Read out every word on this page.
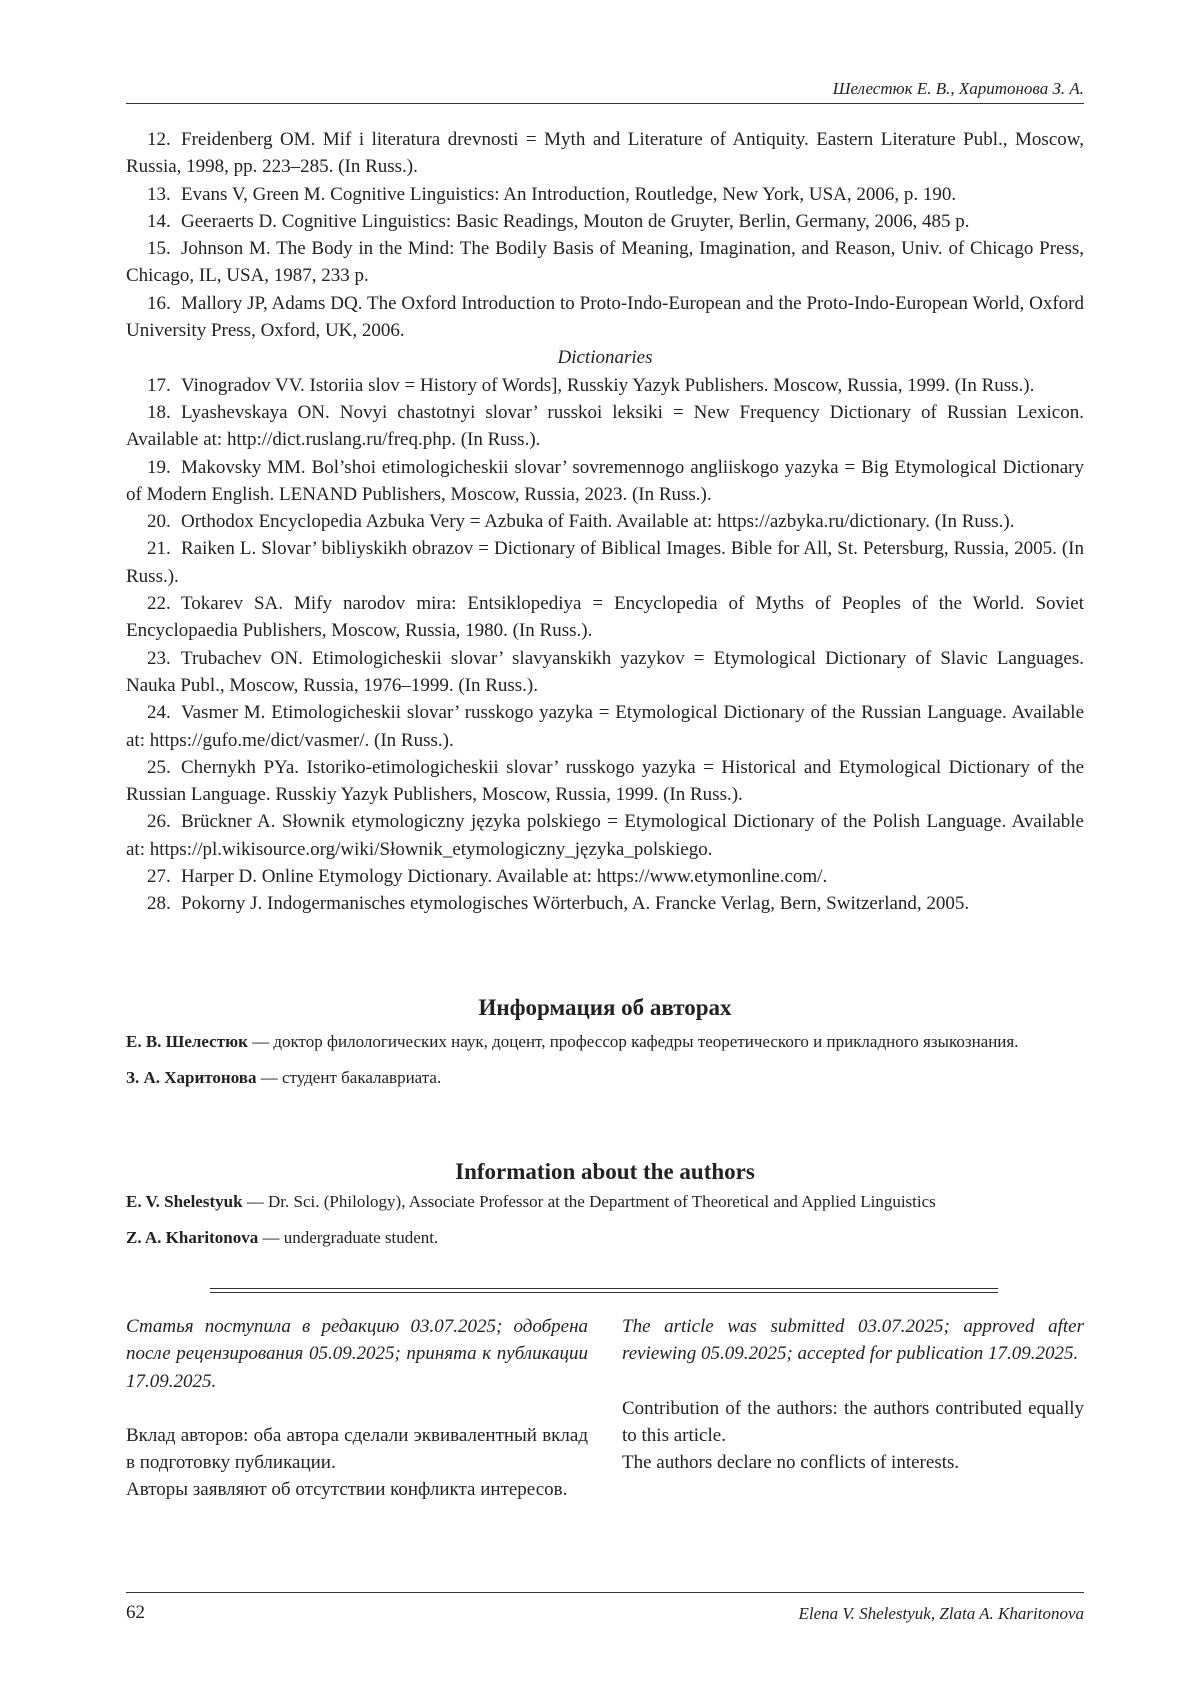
Шелестюк Е. В., Харитонова З. А.

12. Freidenberg OM. Mif i literatura drevnosti = Myth and Literature of Antiquity. Eastern Literature Publ., Moscow, Russia, 1998, pp. 223–285. (In Russ.).

13. Evans V, Green M. Cognitive Linguistics: An Introduction, Routledge, New York, USA, 2006, p. 190.

14. Geeraerts D. Cognitive Linguistics: Basic Readings, Mouton de Gruyter, Berlin, Germany, 2006, 485 p.

15. Johnson M. The Body in the Mind: The Bodily Basis of Meaning, Imagination, and Reason, Univ. of Chicago Press, Chicago, IL, USA, 1987, 233 p.

16. Mallory JP, Adams DQ. The Oxford Introduction to Proto-Indo-European and the Proto-Indo-European World, Oxford University Press, Oxford, UK, 2006.

Dictionaries

17. Vinogradov VV. Istoriia slov = History of Words], Russkiy Yazyk Publishers. Moscow, Russia, 1999. (In Russ.).

18. Lyashevskaya ON. Novyi chastotnyi slovar’ russkoi leksiki = New Frequency Dictionary of Russian Lexicon. Available at: http://dict.ruslang.ru/freq.php. (In Russ.).

19. Makovsky MM. Bol’shoi etimologicheskii slovar’ sovremennogo angliiskogo yazyka = Big Etymological Dictionary of Modern English. LENAND Publishers, Moscow, Russia, 2023. (In Russ.).

20. Orthodox Encyclopedia Azbuka Very = Azbuka of Faith. Available at: https://azbyka.ru/dictionary. (In Russ.).

21. Raiken L. Slovar’ bibliyskikh obrazov = Dictionary of Biblical Images. Bible for All, St. Petersburg, Russia, 2005. (In Russ.).

22. Tokarev SA. Mify narodov mira: Entsiklopediya = Encyclopedia of Myths of Peoples of the World. Soviet Encyclopaedia Publishers, Moscow, Russia, 1980. (In Russ.).

23. Trubachev ON. Etimologicheskii slovar’ slavyanskikh yazykov = Etymological Dictionary of Slavic Languages. Nauka Publ., Moscow, Russia, 1976–1999. (In Russ.).

24. Vasmer M. Etimologicheskii slovar’ russkogo yazyka = Etymological Dictionary of the Russian Language. Available at: https://gufo.me/dict/vasmer/. (In Russ.).

25. Chernykh PYa. Istoriko-etimologicheskii slovar’ russkogo yazyka = Historical and Etymological Dictionary of the Russian Language. Russkiy Yazyk Publishers, Moscow, Russia, 1999. (In Russ.).

26. Brückner A. Słownik etymologiczny języka polskiego = Etymological Dictionary of the Polish Language. Available at: https://pl.wikisource.org/wiki/Słownik_etymologiczny_języka_polskiego.

27. Harper D. Online Etymology Dictionary. Available at: https://www.etymonline.com/.

28. Pokorny J. Indogermanisches etymologisches Wörterbuch, A. Francke Verlag, Bern, Switzerland, 2005.

Информация об авторах

Е. В. Шелестюк — доктор филологических наук, доцент, профессор кафедры теоретического и прикладного языкознания.

З. А. Харитонова — студент бакалавриата.

Information about the authors

E. V. Shelestyuk — Dr. Sci. (Philology), Associate Professor at the Department of Theoretical and Applied Linguistics

Z. A. Kharitonova — undergraduate student.

Статья поступила в редакцию 03.07.2025; одобрена после рецензирования 05.09.2025; принята к публикации 17.09.2025.

Вклад авторов: оба автора сделали эквивалентный вклад в подготовку публикации.

Авторы заявляют об отсутствии конфликта интересов.

The article was submitted 03.07.2025; approved after reviewing 05.09.2025; accepted for publication 17.09.2025.

Contribution of the authors: the authors contributed equally to this article.

The authors declare no conflicts of interests.

62	Elena V. Shelestyuk, Zlata A. Kharitonova
